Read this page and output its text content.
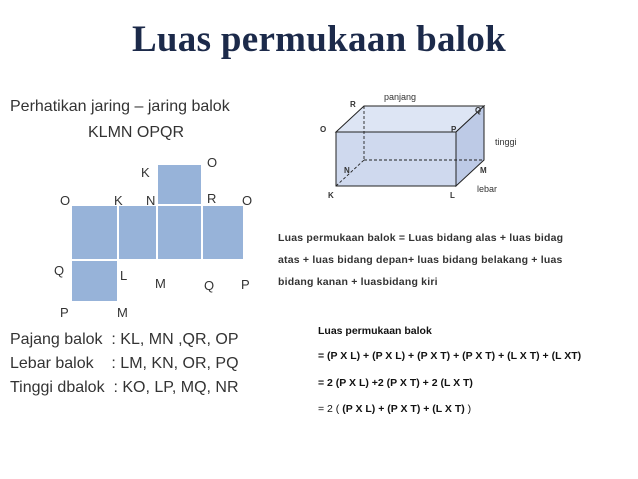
Luas permukaan balok
Perhatikan jaring – jaring balok
KLMN OPQR
K
O
O	K N	R O
Q	L
M	Q P
P	M
R
Q
O	P
N	M
K	L
panjang
tinggi
lebar
Luas permukaan balok = Luas bidang alas + luas bidag
atas + luas bidang depan+ luas bidang belakang + luas
bidang kanan + luasbidang kiri
Luas permukaan balok
= (P X L) + (P X L) + (P X T) + (P X T) + (L X T) + (L XT)
= 2 (P X L) +2 (P X T) + 2 (L X T)
= 2 ( (P X L) + (P X T) + (L X T) )
Pajang balok  : KL, MN ,QR, OP
Lebar balok    : LM, KN, OR, PQ
Tinggi dbalok  : KO, LP, MQ, NR
